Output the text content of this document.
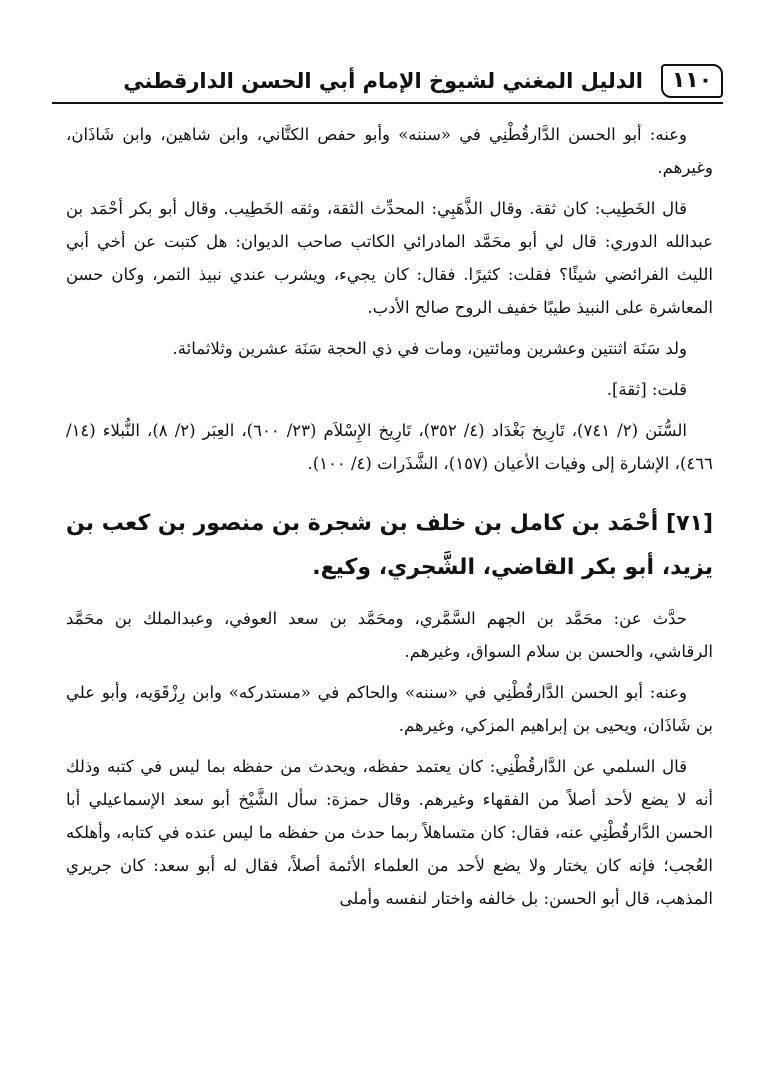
١١٠
الدليل المغني لشيوخ الإمام أبي الحسن الدارقطني

وعنه: أبو الحسن الدَّارقُطْنِي في «سننه» وأبو حفص الكتَّاني، وابن شاهين، وابن شَاذَان، وغيرهم.

قال الخَطِيب: كان ثقة. وقال الذَّهَبِي: المحدِّث الثقة، وثقه الخَطِيب. وقال أبو بكر أحْمَد بن عبدالله الدوري: قال لي أبو محَمَّد المادرائي الكاتب صاحب الديوان: هل كتبت عن أخي أبي الليث الفرائضي شيئًا؟ فقلت: كثيرًا. فقال: كان يجيء، ويشرب عندي نبيذ التمر، وكان حسن المعاشرة على النبيذ طيبًا خفيف الروح صالح الأدب.

ولد سَنَة اثنتين وعشرين ومائتين، ومات في ذي الحجة سَنَة عشرين وثلاثمائة.

قلت: [ثقة].

السُّنَن (٢/ ٧٤١)، تَارِيخ بَغْدَاد (٤/ ٣٥٢)، تَارِيخ الإِسْلاَم (٢٣/ ٦٠٠)، العِبَر (٢/ ٨)، النُّبلاء (١٤/ ٤٦٦)، الإشارة إلى وفيات الأعيان (١٥٧)، الشَّذَرات (٤/ ١٠٠).

[٧١] أحْمَد بن كامل بن خلف بن شجرة بن منصور بن كعب بن يزيد، أبو بكر القاضي، الشَّجري، وكيع.

حدَّث عن: محَمَّد بن الجهم السَّمَّري، ومحَمَّد بن سعد العوفي، وعبدالملك بن محَمَّد الرقاشي، والحسن بن سلام السواق، وغيرهم.

وعنه: أبو الحسن الدَّارقُطْنِي في «سننه» والحاكم في «مستدركه» وابن رِزْقَوَيه، وأبو علي بن شَاذَان، ويحيى بن إبراهيم المزكي، وغيرهم.

قال السلمي عن الدَّارقُطْنِي: كان يعتمد حفظه، ويحدث من حفظه بما ليس في كتبه وذلك أنه لا يضع لأحد أصلاً من الفقهاء وغيرهم. وقال حمزة: سأل الشَّيْخ أبو سعد الإسماعيلي أبا الحسن الدَّارقُطْنِي عنه، فقال: كان متساهلاً ربما حدث من حفظه ما ليس عنده في كتابه، وأهلكه العُجب؛ فإنه كان يختار ولا يضع لأحد من العلماء الأئمة أصلاً، فقال له أبو سعد: كان جريري المذهب، قال أبو الحسن: بل خالفه واختار لنفسه وأملى
